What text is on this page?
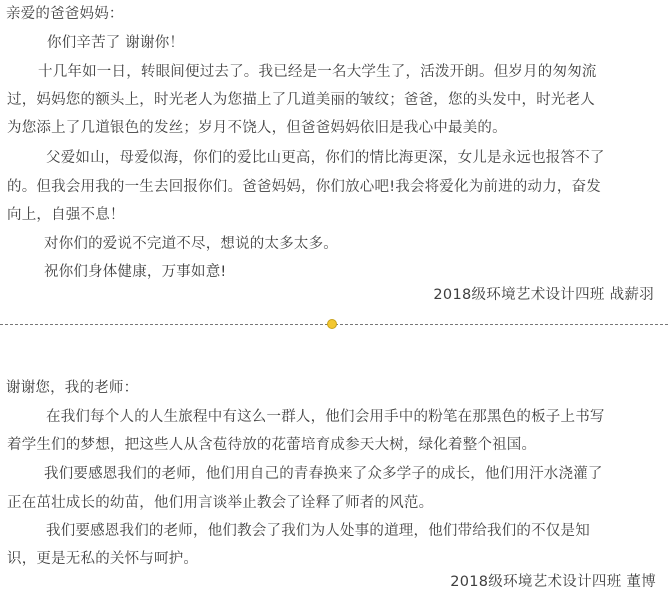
亲爱的爸爸妈妈：
你们辛苦了 谢谢你！
十几年如一日，转眼间便过去了。我已经是一名大学生了，活泼开朗。但岁月的匆匆流
过，妈妈您的额头上，时光老人为您描上了几道美丽的皱纹；爸爸，您的头发中，时光老人
为您添上了几道银色的发丝；岁月不饶人，但爸爸妈妈依旧是我心中最美的。
父爱如山，母爱似海，你们的爱比山更高，你们的情比海更深，女儿是永远也报答不了
的。但我会用我的一生去回报你们。爸爸妈妈，你们放心吧!我会将爱化为前进的动力，奋发
向上，自强不息！
对你们的爱说不完道不尽，想说的太多太多。
祝你们身体健康，万事如意!
2018级环境艺术设计四班 战薪羽
谢谢您，我的老师：
在我们每个人的人生旅程中有这么一群人，他们会用手中的粉笔在那黑色的板子上书写
着学生们的梦想，把这些人从含苞待放的花蕾培育成参天大树，绿化着整个祖国。
我们要感恩我们的老师，他们用自己的青春换来了众多学子的成长，他们用汗水浇灌了
正在茁壮成长的幼苗，他们用言谈举止教会了诠释了师者的风范。
我们要感恩我们的老师，他们教会了我们为人处事的道理，他们带给我们的不仅是知
识，更是无私的关怀与呵护。
2018级环境艺术设计四班 董博
